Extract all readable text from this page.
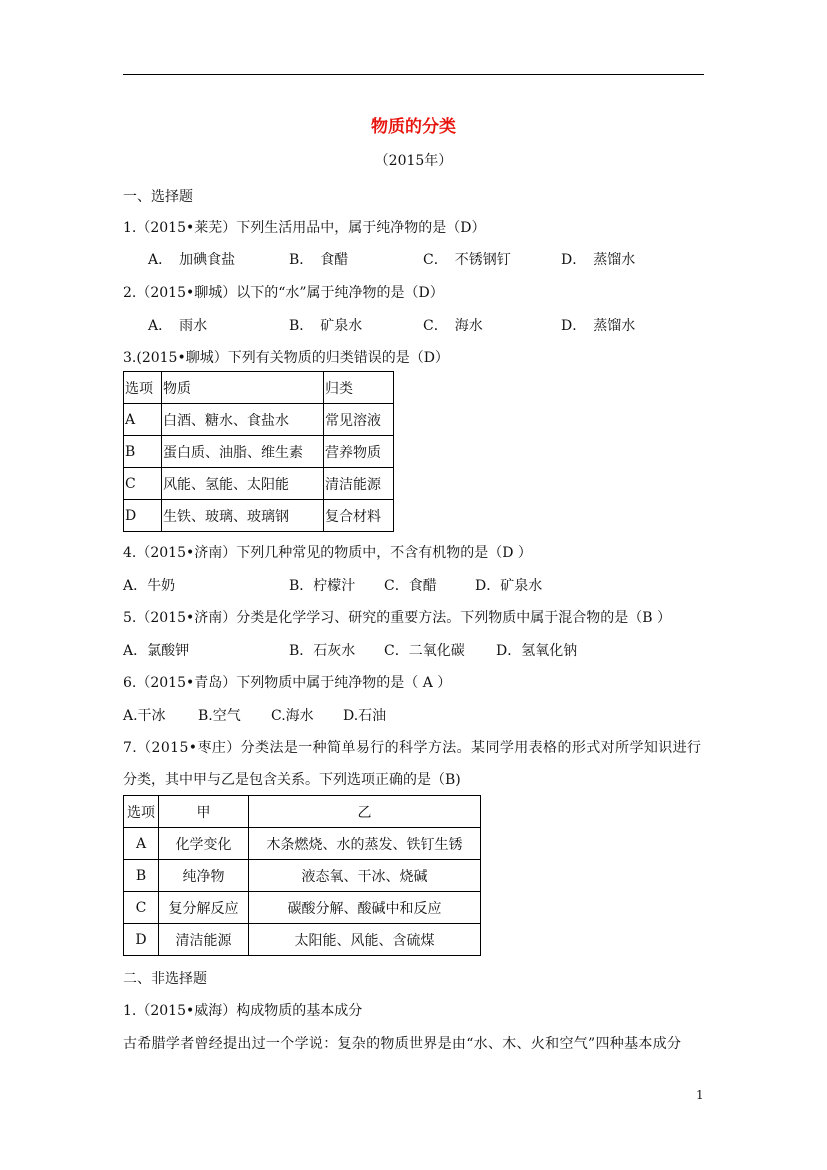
物质的分类
（2015年）
一、选择题
1.（2015•莱芜）下列生活用品中，属于纯净物的是（D）
A．　加碘食盐	B．　食醋	C．　不锈钢钉	D．　蒸馏水
2.（2015•聊城）以下的“水”属于纯净物的是（D）
A．　雨水	B．　矿泉水	C．　海水	D．　蒸馏水
3.(2015•聊城）下列有关物质的归类错误的是（D）
选项	物质	归类
A	白酒、糖水、食盐水	常见溶液
B	蛋白质、油脂、维生素	营养物质
C	风能、氢能、太阳能	清洁能源
D	生铁、玻璃、玻璃钢	复合材料
4.（2015•济南）下列几种常见的物质中，不含有机物的是（D ）
A．牛奶	B．柠檬汁 C．食醋	D．矿泉水
5.（2015•济南）分类是化学学习、研究的重要方法。下列物质中属于混合物的是（B ）
A．氯酸钾	B．石灰水 C．二氧化碳 D．氢氧化钠
6.（2015•青岛）下列物质中属于纯净物的是（ A ）
A.干冰 B.空气 C.海水 D.石油
7.（2015•枣庄）分类法是一种简单易行的科学方法。某同学用表格的形式对所学知识进行
分类，其中甲与乙是包含关系。下列选项正确的是（B)
选项	甲	乙
A	化学变化	木条燃烧、水的蒸发、铁钉生锈
B	纯净物	液态氧、干冰、烧碱
C	复分解反应	碳酸分解、酸碱中和反应
D	清洁能源	太阳能、风能、含硫煤
二、非选择题
1.（2015•威海）构成物质的基本成分
古希腊学者曾经提出过一个学说：复杂的物质世界是由“水、木、火和空气”四种基本成分
1
